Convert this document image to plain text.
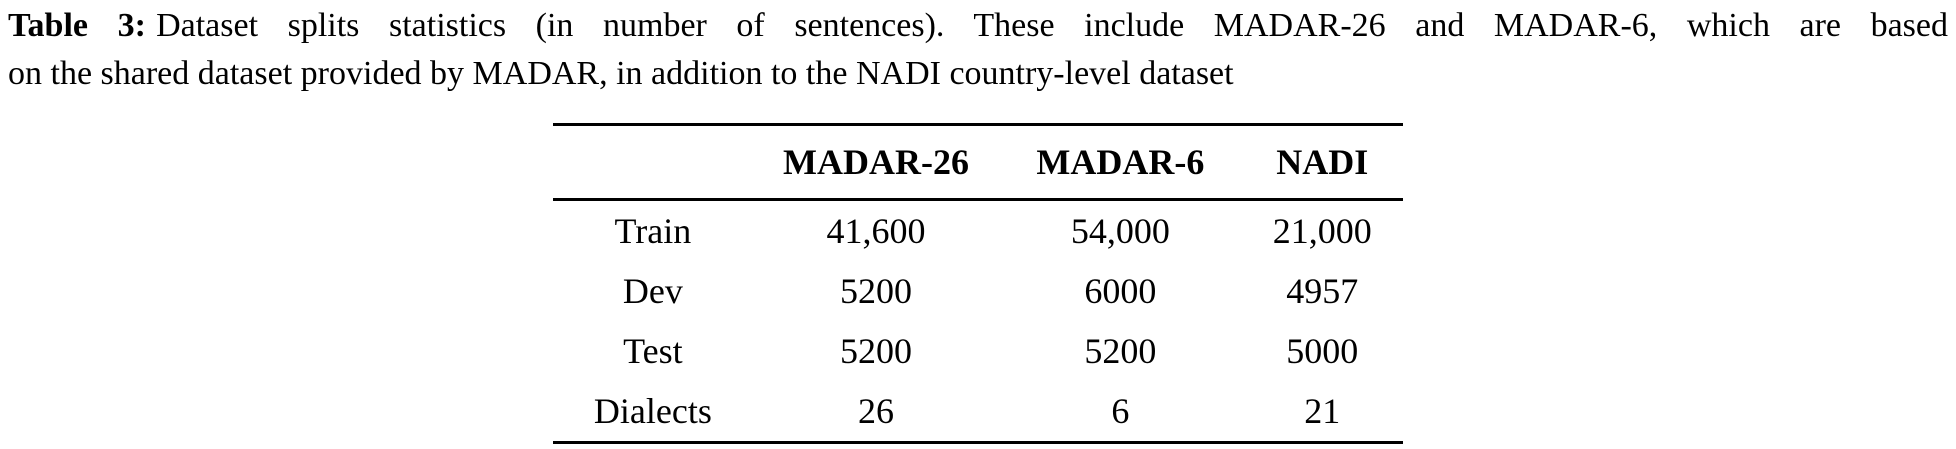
Table 3: Dataset splits statistics (in number of sentences). These include MADAR-26 and MADAR-6, which are based
on the shared dataset provided by MADAR, in addition to the NADI country-level dataset
	MADAR-26	MADAR-6	NADI
Train	41,600	54,000	21,000
Dev	5200	6000	4957
Test	5200	5200	5000
Dialects	26	6	21
